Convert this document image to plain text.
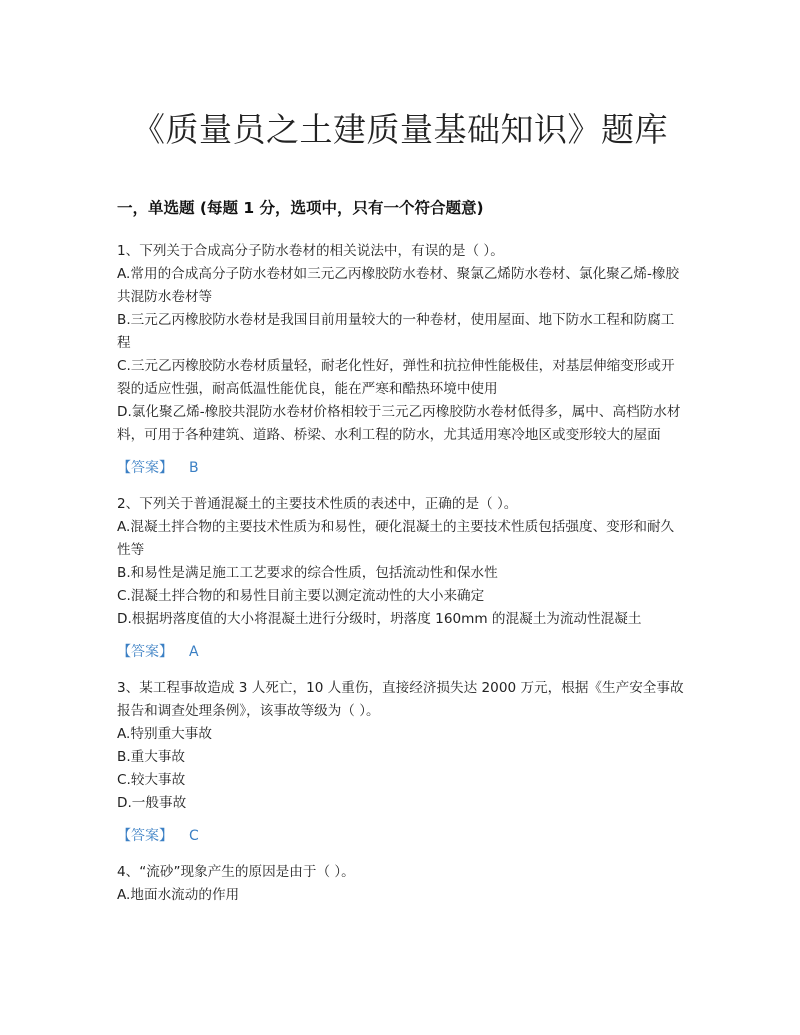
《质量员之土建质量基础知识》题库
一，单选题 (每题 1 分，选项中，只有一个符合题意)
1、下列关于合成高分子防水卷材的相关说法中，有误的是（ ）。
A.常用的合成高分子防水卷材如三元乙丙橡胶防水卷材、聚氯乙烯防水卷材、氯化聚乙烯-橡胶共混防水卷材等
B.三元乙丙橡胶防水卷材是我国目前用量较大的一种卷材，使用屋面、地下防水工程和防腐工程
C.三元乙丙橡胶防水卷材质量轻，耐老化性好，弹性和抗拉伸性能极佳，对基层伸缩变形或开裂的适应性强，耐高低温性能优良，能在严寒和酷热环境中使用
D.氯化聚乙烯-橡胶共混防水卷材价格相较于三元乙丙橡胶防水卷材低得多，属中、高档防水材料，可用于各种建筑、道路、桥梁、水利工程的防水，尤其适用寒冷地区或变形较大的屋面
【答案】 B
2、下列关于普通混凝土的主要技术性质的表述中，正确的是（ ）。
A.混凝土拌合物的主要技术性质为和易性，硬化混凝土的主要技术性质包括强度、变形和耐久性等
B.和易性是满足施工工艺要求的综合性质，包括流动性和保水性
C.混凝土拌合物的和易性目前主要以测定流动性的大小来确定
D.根据坍落度值的大小将混凝土进行分级时，坍落度 160mm 的混凝土为流动性混凝土
【答案】 A
3、某工程事故造成 3 人死亡，10 人重伤，直接经济损失达 2000 万元，根据《生产安全事故报告和调查处理条例》，该事故等级为（ ）。
A.特别重大事故
B.重大事故
C.较大事故
D.一般事故
【答案】 C
4、“流砂”现象产生的原因是由于（ ）。
A.地面水流动的作用
